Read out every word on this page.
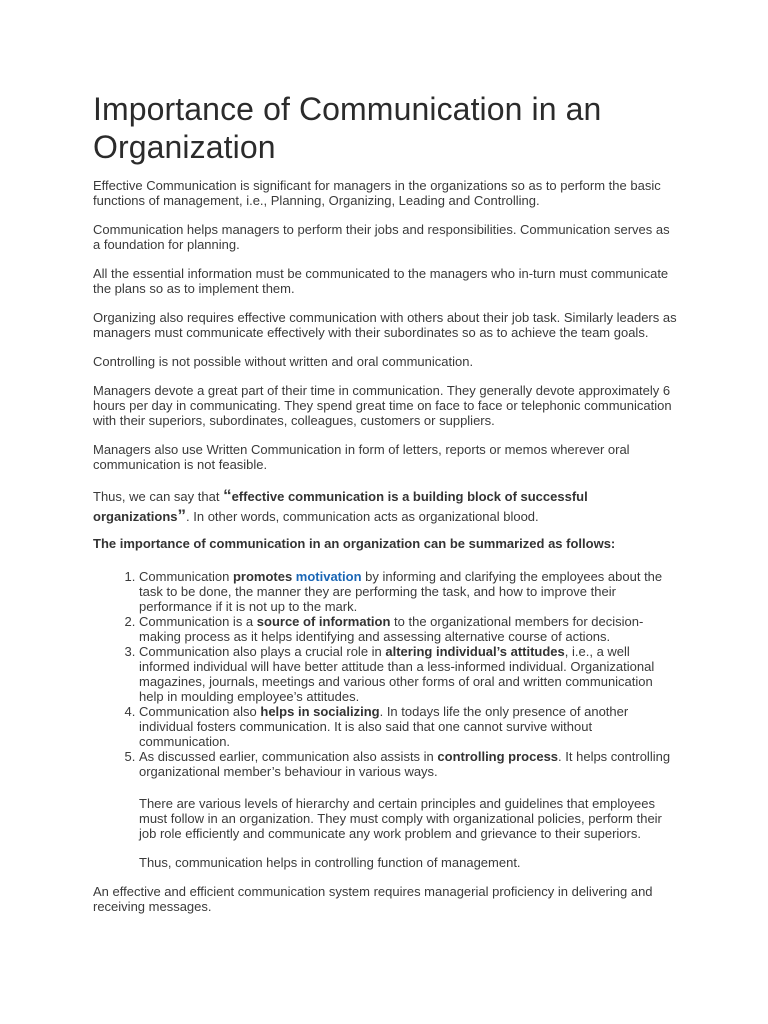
Importance of Communication in an Organization

Effective Communication is significant for managers in the organizations so as to perform the basic functions of management, i.e., Planning, Organizing, Leading and Controlling.

Communication helps managers to perform their jobs and responsibilities. Communication serves as a foundation for planning.

All the essential information must be communicated to the managers who in-turn must communicate the plans so as to implement them.

Organizing also requires effective communication with others about their job task. Similarly leaders as managers must communicate effectively with their subordinates so as to achieve the team goals.

Controlling is not possible without written and oral communication.

Managers devote a great part of their time in communication. They generally devote approximately 6 hours per day in communicating. They spend great time on face to face or telephonic communication with their superiors, subordinates, colleagues, customers or suppliers.

Managers also use Written Communication in form of letters, reports or memos wherever oral communication is not feasible.

Thus, we can say that “effective communication is a building block of successful organizations”. In other words, communication acts as organizational blood.

The importance of communication in an organization can be summarized as follows:

1. Communication promotes motivation by informing and clarifying the employees about the task to be done, the manner they are performing the task, and how to improve their performance if it is not up to the mark.
2. Communication is a source of information to the organizational members for decision-making process as it helps identifying and assessing alternative course of actions.
3. Communication also plays a crucial role in altering individual’s attitudes, i.e., a well informed individual will have better attitude than a less-informed individual. Organizational magazines, journals, meetings and various other forms of oral and written communication help in moulding employee’s attitudes.
4. Communication also helps in socializing. In todays life the only presence of another individual fosters communication. It is also said that one cannot survive without communication.
5. As discussed earlier, communication also assists in controlling process. It helps controlling organizational member’s behaviour in various ways.

There are various levels of hierarchy and certain principles and guidelines that employees must follow in an organization. They must comply with organizational policies, perform their job role efficiently and communicate any work problem and grievance to their superiors.

Thus, communication helps in controlling function of management.

An effective and efficient communication system requires managerial proficiency in delivering and receiving messages.
